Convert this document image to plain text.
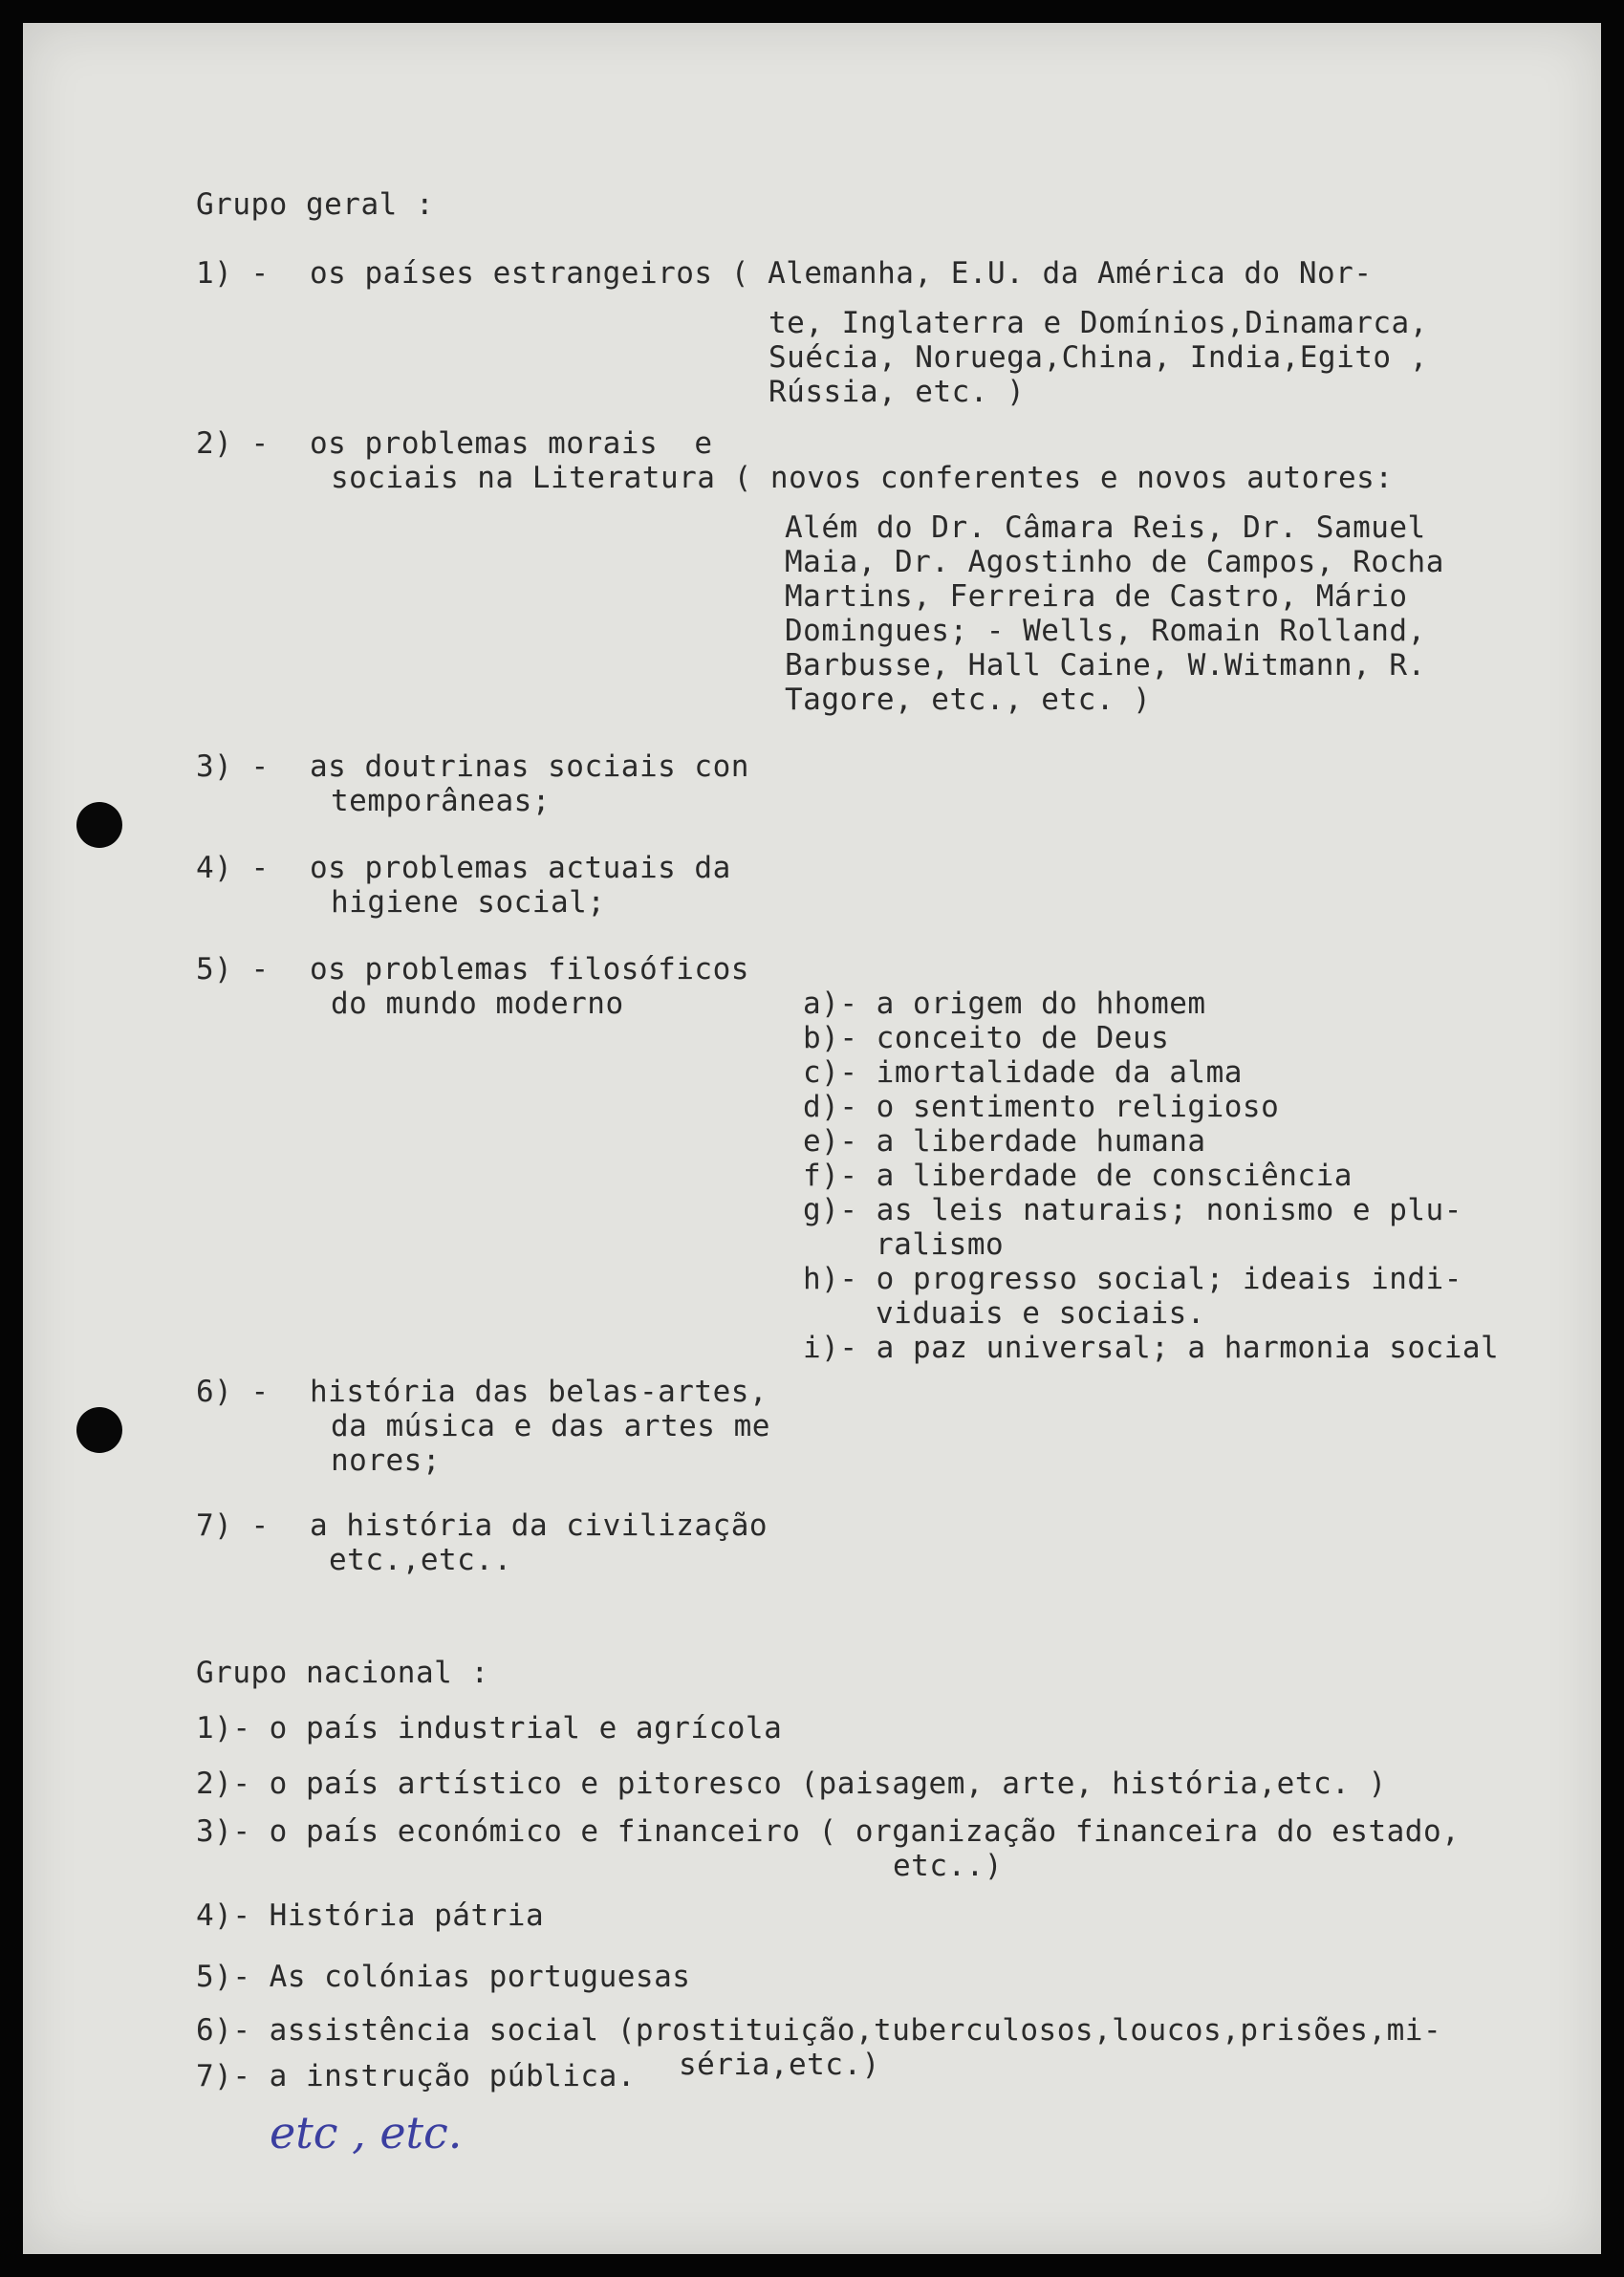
Grupo geral :
1) - os países estrangeiros ( Alemanha, E.U. da América do Nor-
te, Inglaterra e Domínios,Dinamarca,
Suécia, Noruega,China, India,Egito ,
Rússia, etc. )
2) - os problemas morais  e
sociais na Literatura ( novos conferentes e novos autores:
Além do Dr. Câmara Reis, Dr. Samuel
Maia, Dr. Agostinho de Campos, Rocha
Martins, Ferreira de Castro, Mário
Domingues; - Wells, Romain Rolland,
Barbusse, Hall Caine, W.Witmann, R.
Tagore, etc., etc. )
3) - as doutrinas sociais con
temporâneas;
4) - os problemas actuais da
higiene social;
5) - os problemas filosóficos
do mundo moderno	a)- a origem do hhomem
b)- conceito de Deus
c)- imortalidade da alma
d)- o sentimento religioso
e)- a liberdade humana
f)- a liberdade de consciência
g)- as leis naturais; nonismo e plu-
ralismo
h)- o progresso social; ideais indi-
viduais e sociais.
i)- a paz universal; a harmonia social
6) - história das belas-artes,
da música e das artes me
nores;
7) - a história da civilização
etc.,etc..
Grupo nacional :
1)- o país industrial e agrícola
2)- o país artístico e pitoresco (paisagem, arte, história,etc. )
3)- o país económico e financeiro ( organização financeira do estado,
etc..)
4)- História pátria
5)- As colónias portuguesas
6)- assistência social (prostituição,tuberculosos,loucos,prisões,mi-
séria,etc.)
7)- a instrução pública.
etc , etc.
